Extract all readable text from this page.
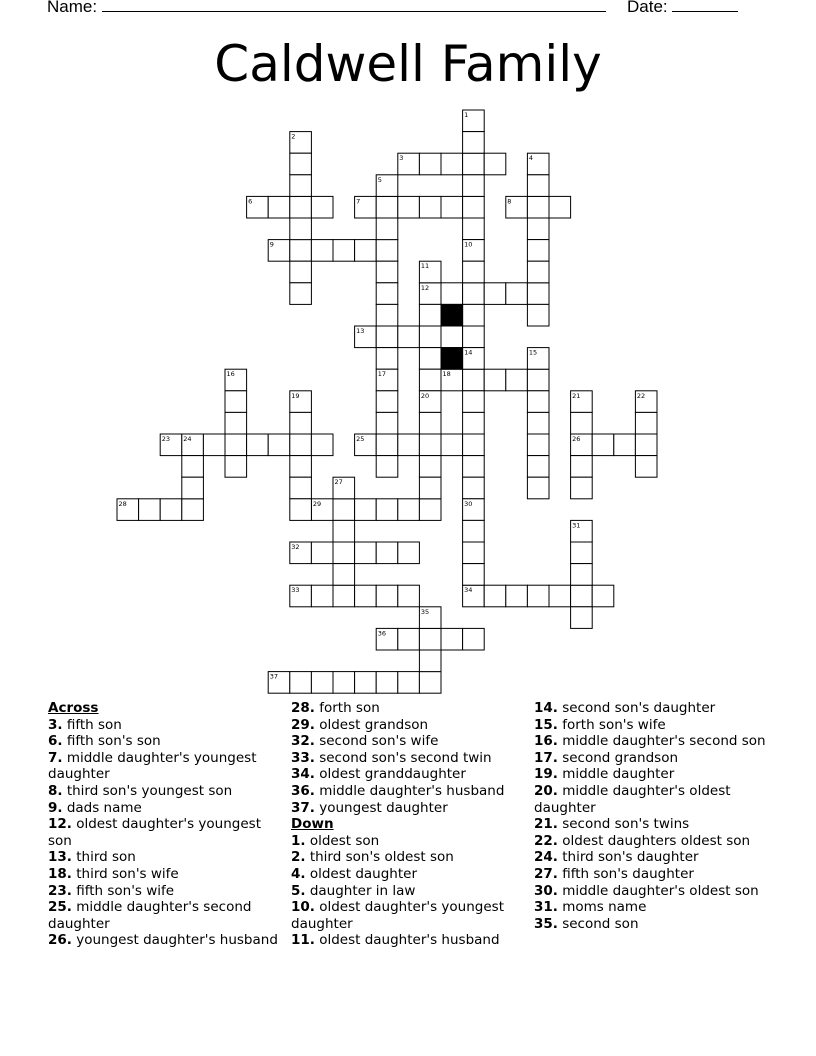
Name:	Date:
Caldwell Family
1
2
3	4
5
6	7	8
9	10
11
12
13
14	15
16	17	18
19	20	21	22
23 24	25	26
27
28	29	30
31
32
33	34
35
36
37
Across
3. fifth son
6. fifth son's son
7. middle daughter's youngest daughter
8. third son's youngest son
9. dads name
12. oldest daughter's youngest son
13. third son
18. third son's wife
23. fifth son's wife
25. middle daughter's second daughter
26. youngest daughter's husband
28. forth son
29. oldest grandson
32. second son's wife
33. second son's second twin
34. oldest granddaughter
36. middle daughter's husband
37. youngest daughter
Down
1. oldest son
2. third son's oldest son
4. oldest daughter
5. daughter in law
10. oldest daughter's youngest daughter
11. oldest daughter's husband
14. second son's daughter
15. forth son's wife
16. middle daughter's second son
17. second grandson
19. middle daughter
20. middle daughter's oldest daughter
21. second son's twins
22. oldest daughters oldest son
24. third son's daughter
27. fifth son's daughter
30. middle daughter's oldest son
31. moms name
35. second son
